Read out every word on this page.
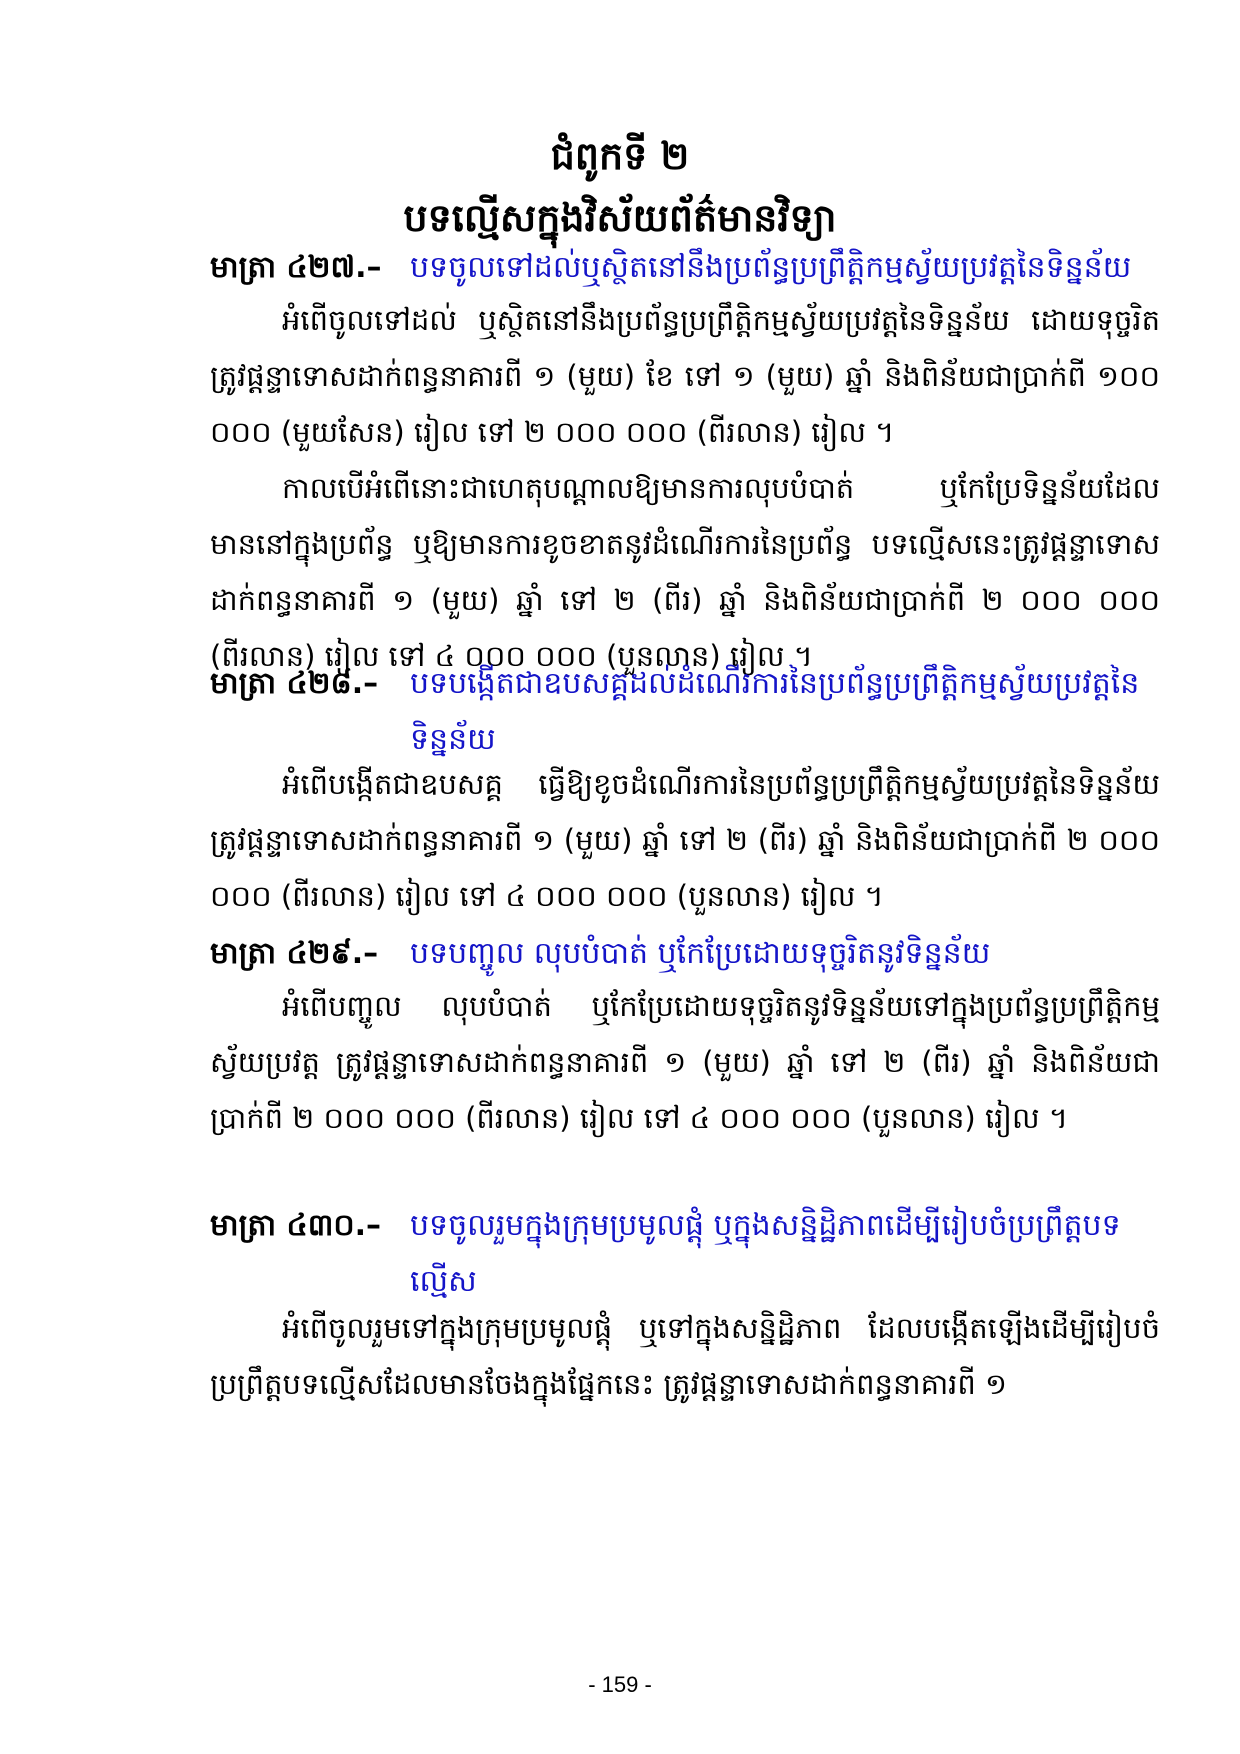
ជំពូកទី ២
បទល្មើសក្នុងវិស័យព័ត៌មានវិទ្យា
មាត្រា ៤២៧.– បទចូលទៅដល់ឬស្ថិតនៅនឹងប្រព័ន្ធប្រព្រឹត្តិកម្មស្វ័យប្រវត្តនៃទិន្នន័យ

អំពើចូលទៅដល់ ឬស្ថិតនៅនឹងប្រព័ន្ធប្រព្រឹត្តិកម្មស្វ័យប្រវត្តនៃទិន្នន័យ ដោយទុច្ចរិត ត្រូវផ្តន្ទាទោសដាក់ពន្ធនាគារពី ១ (មួយ) ខែ ទៅ ១ (មួយ) ឆ្នាំ និងពិន័យជាប្រាក់ពី ១០០ ០០០ (មួយសែន) រៀល ទៅ ២ ០០០ ០០០ (ពីរលាន) រៀល ។

កាលបើអំពើនោះជាហេតុបណ្តាលឱ្យមានការលុបបំបាត់ ឬកែប្រែទិន្នន័យដែលមាននៅក្នុងប្រព័ន្ធ ឬឱ្យមានការខូចខាតនូវដំណើរការនៃប្រព័ន្ធ បទល្មើសនេះត្រូវផ្តន្ទាទោសដាក់ពន្ធនាគារពី ១ (មួយ) ឆ្នាំ ទៅ ២ (ពីរ) ឆ្នាំ និងពិន័យជាប្រាក់ពី ២ ០០០ ០០០ (ពីរលាន) រៀល ទៅ ៤ ០០០ ០០០ (បួនលាន) រៀល ។

មាត្រា ៤២៨.– បទបង្កើតជាឧបសគ្គដល់ដំណើរការនៃប្រព័ន្ធប្រព្រឹត្តិកម្មស្វ័យប្រវត្តនៃទិន្នន័យ

អំពើបង្កើតជាឧបសគ្គ ធ្វើឱ្យខូចដំណើរការនៃប្រព័ន្ធប្រព្រឹត្តិកម្មស្វ័យប្រវត្តនៃទិន្នន័យ ត្រូវផ្តន្ទាទោសដាក់ពន្ធនាគារពី ១ (មួយ) ឆ្នាំ ទៅ ២ (ពីរ) ឆ្នាំ និងពិន័យជាប្រាក់ពី ២ ០០០ ០០០ (ពីរលាន) រៀល ទៅ ៤ ០០០ ០០០ (បួនលាន) រៀល ។

មាត្រា ៤២៩.– បទបញ្ចូល លុបបំបាត់ ឬកែប្រែដោយទុច្ចរិតនូវទិន្នន័យ

អំពើបញ្ចូល លុបបំបាត់ ឬកែប្រែដោយទុច្ចរិតនូវទិន្នន័យទៅក្នុងប្រព័ន្ធប្រព្រឹត្តិកម្មស្វ័យប្រវត្ត ត្រូវផ្តន្ទាទោសដាក់ពន្ធនាគារពី ១ (មួយ) ឆ្នាំ ទៅ ២ (ពីរ) ឆ្នាំ និងពិន័យជាប្រាក់ពី ២ ០០០ ០០០ (ពីរលាន) រៀល ទៅ ៤ ០០០ ០០០ (បួនលាន) រៀល ។

មាត្រា ៤៣០.– បទចូលរួមក្នុងក្រុមប្រមូលផ្តុំ ឬក្នុងសន្និដ្ឋិភាពដើម្បីរៀបចំប្រព្រឹត្តបទល្មើស

អំពើចូលរួមទៅក្នុងក្រុមប្រមូលផ្តុំ ឬទៅក្នុងសន្និដ្ឋិភាព ដែលបង្កើតឡើងដើម្បីរៀបចំប្រព្រឹត្តបទល្មើសដែលមានចែងក្នុងផ្នែកនេះ ត្រូវផ្តន្ទាទោសដាក់ពន្ធនាគារពី ១

- 159 -
